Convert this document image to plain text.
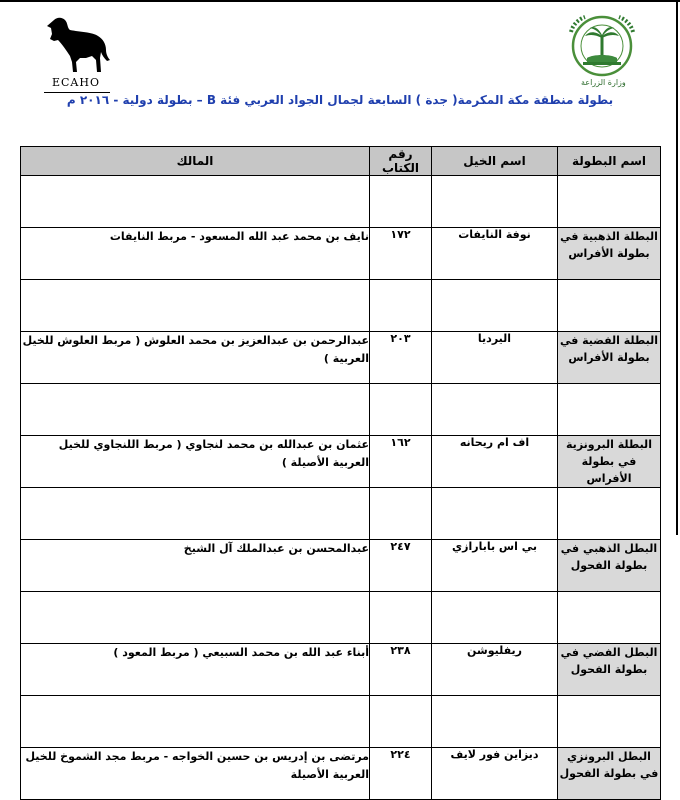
ECAHO	وزارة الزراعة
بطولة منطقة مكة المكرمة( جدة ) السابعة لجمال الجواد العربي فئة B – بطولة دولية - ٢٠١٦ م
اسم البطولة	اسم الخيل	رقم الكتاب	المالك

البطلة الذهبية في بطولة الأفراس	نوفة النايفات	١٧٢	نايف بن محمد عبد الله المسعود - مربط النايفات

البطلة الفضية في بطولة الأفراس	اليرديا	٢٠٣	عبدالرحمن بن عبدالعزيز بن محمد العلوش ( مربط العلوش للخيل العربية )

البطلة البرونزية في بطولة الأفراس	اف ام ريحانه	١٦٢	عثمان بن عبدالله بن محمد لنجاوي ( مربط اللنجاوي للخيل العربية الأصيلة )

البطل الذهبي في بطولة الفحول	بي اس بابارازي	٢٤٧	عبدالمحسن بن عبدالملك آل الشيخ

البطل الفضي في بطولة الفحول	ريفليوشن	٢٣٨	أبناء عبد الله بن محمد السبيعي ( مربط المعود )

البطل البرونزي في بطولة الفحول	ديزاين فور لايف	٢٢٤	مرتضى بن إدريس بن حسين الخواجه - مربط مجد الشموخ للخيل العربية الأصيلة
